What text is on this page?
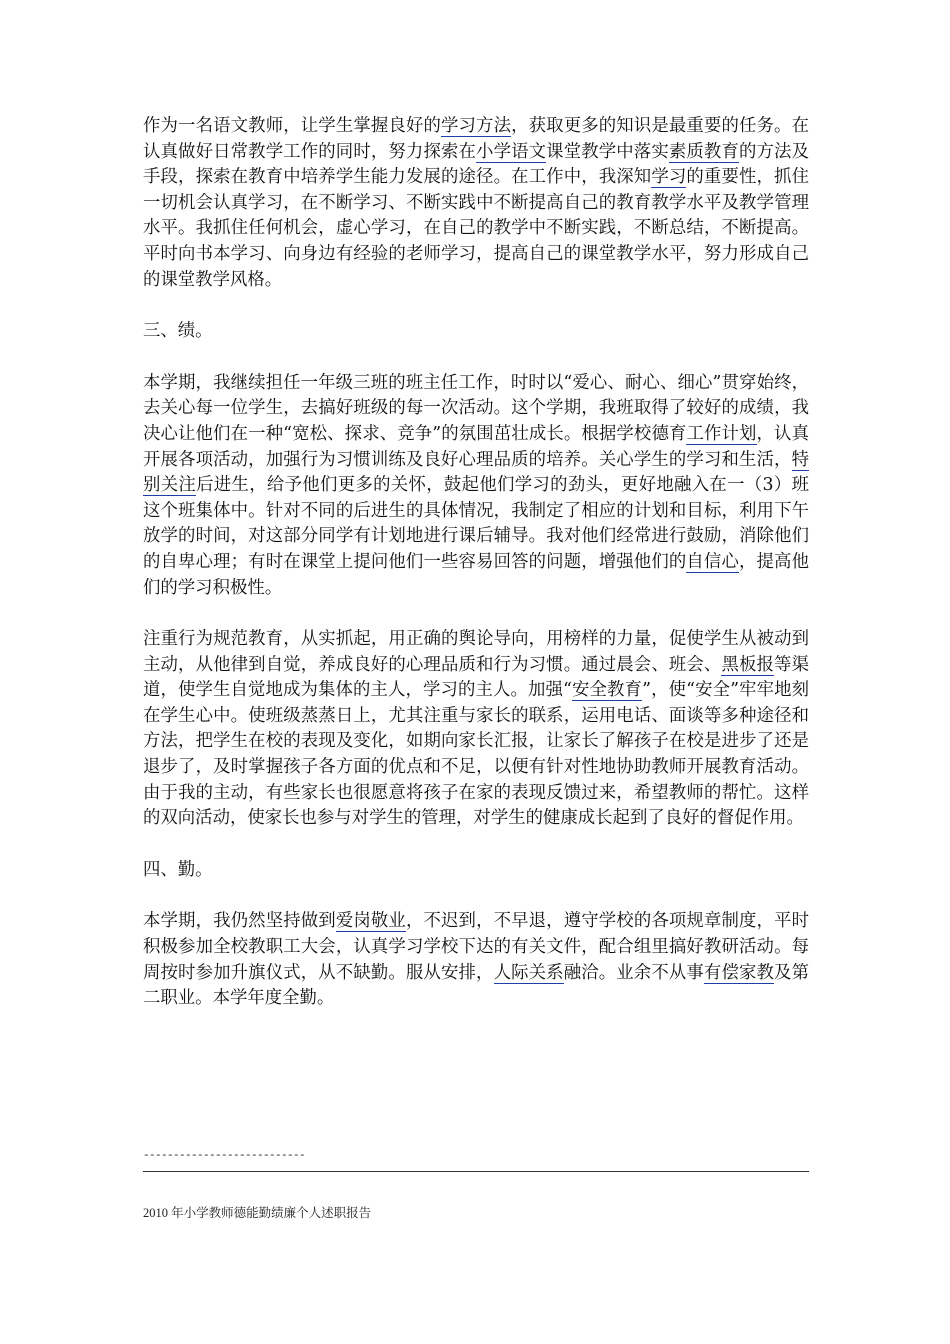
作为一名语文教师，让学生掌握良好的学习方法，获取更多的知识是最重要的任务。在认真做好日常教学工作的同时，努力探索在小学语文课堂教学中落实素质教育的方法及手段，探索在教育中培养学生能力发展的途径。在工作中，我深知学习的重要性，抓住一切机会认真学习，在不断学习、不断实践中不断提高自己的教育教学水平及教学管理水平。我抓住任何机会，虚心学习，在自己的教学中不断实践，不断总结，不断提高。平时向书本学习、向身边有经验的老师学习，提高自己的课堂教学水平，努力形成自己的课堂教学风格。

三、绩。

本学期，我继续担任一年级三班的班主任工作，时时以“爱心、耐心、细心”贯穿始终，去关心每一位学生，去搞好班级的每一次活动。这个学期，我班取得了较好的成绩，我决心让他们在一种“宽松、探求、竞争”的氛围茁壮成长。根据学校德育工作计划，认真开展各项活动，加强行为习惯训练及良好心理品质的培养。关心学生的学习和生活，特别关注后进生，给予他们更多的关怀，鼓起他们学习的劲头，更好地融入在一（3）班这个班集体中。针对不同的后进生的具体情况，我制定了相应的计划和目标，利用下午放学的时间，对这部分同学有计划地进行课后辅导。我对他们经常进行鼓励，消除他们的自卑心理；有时在课堂上提问他们一些容易回答的问题，增强他们的自信心，提高他们的学习积极性。

注重行为规范教育，从实抓起，用正确的舆论导向，用榜样的力量，促使学生从被动到主动，从他律到自觉，养成良好的心理品质和行为习惯。通过晨会、班会、黑板报等渠道，使学生自觉地成为集体的主人，学习的主人。加强“安全教育”，使“安全”牢牢地刻在学生心中。使班级蒸蒸日上，尤其注重与家长的联系，运用电话、面谈等多种途径和方法，把学生在校的表现及变化，如期向家长汇报，让家长了解孩子在校是进步了还是退步了，及时掌握孩子各方面的优点和不足，以便有针对性地协助教师开展教育活动。由于我的主动，有些家长也很愿意将孩子在家的表现反馈过来，希望教师的帮忙。这样的双向活动，使家长也参与对学生的管理，对学生的健康成长起到了良好的督促作用。

四、勤。

本学期，我仍然坚持做到爱岗敬业，不迟到，不早退，遵守学校的各项规章制度，平时积极参加全校教职工大会，认真学习学校下达的有关文件，配合组里搞好教研活动。每周按时参加升旗仪式，从不缺勤。服从安排，人际关系融洽。业余不从事有偿家教及第二职业。本学年度全勤。

---------------------------
2010 年小学教师德能勤绩廉个人述职报告
